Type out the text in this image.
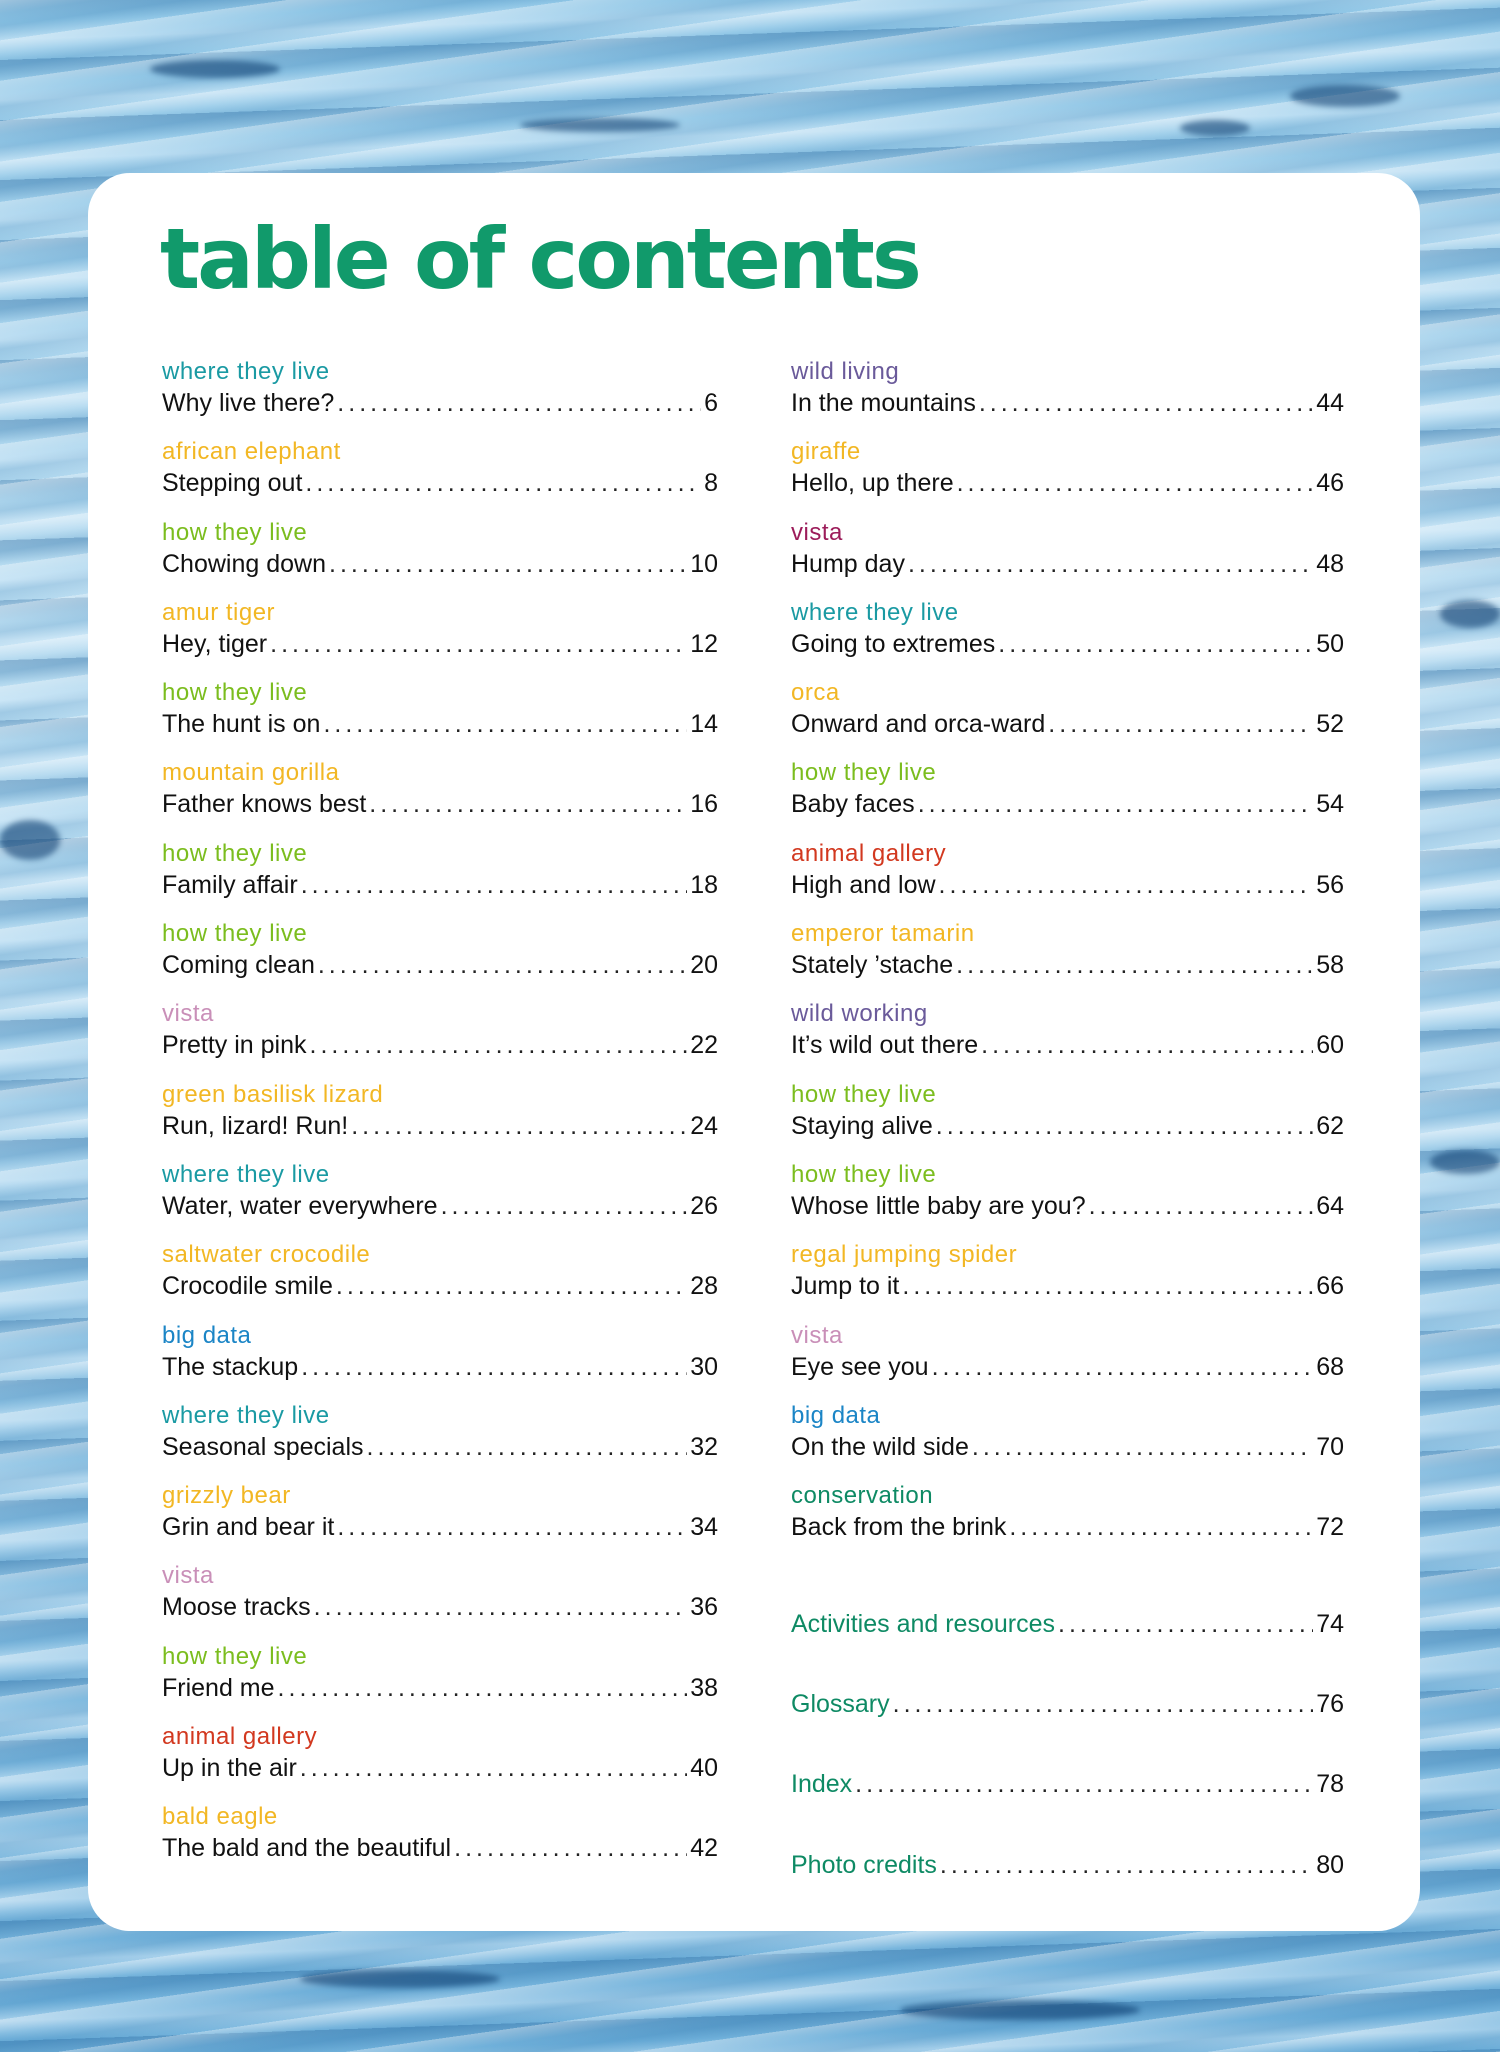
table of contents
where they live
Why live there? .....	6
african elephant
Stepping out .....	8
how they live
Chowing down .....	10
amur tiger
Hey, tiger .....	12
how they live
The hunt is on .....	14
mountain gorilla
Father knows best .....	16
how they live
Family affair .....	18
how they live
Coming clean .....	20
vista
Pretty in pink .....	22
green basilisk lizard
Run, lizard! Run! .....	24
where they live
Water, water everywhere .....	26
saltwater crocodile
Crocodile smile .....	28
big data
The stackup .....	30
where they live
Seasonal specials .....	32
grizzly bear
Grin and bear it .....	34
vista
Moose tracks .....	36
how they live
Friend me .....	38
animal gallery
Up in the air .....	40
bald eagle
The bald and the beautiful .....	42
wild living
In the mountains .....	44
giraffe
Hello, up there .....	46
vista
Hump day .....	48
where they live
Going to extremes .....	50
orca
Onward and orca-ward .....	52
how they live
Baby faces .....	54
animal gallery
High and low .....	56
emperor tamarin
Stately ’stache .....	58
wild working
It’s wild out there .....	60
how they live
Staying alive .....	62
how they live
Whose little baby are you? .....	64
regal jumping spider
Jump to it .....	66
vista
Eye see you .....	68
big data
On the wild side .....	70
conservation
Back from the brink .....	72
Activities and resources .....	74
Glossary .....	76
Index .....	78
Photo credits .....	80
